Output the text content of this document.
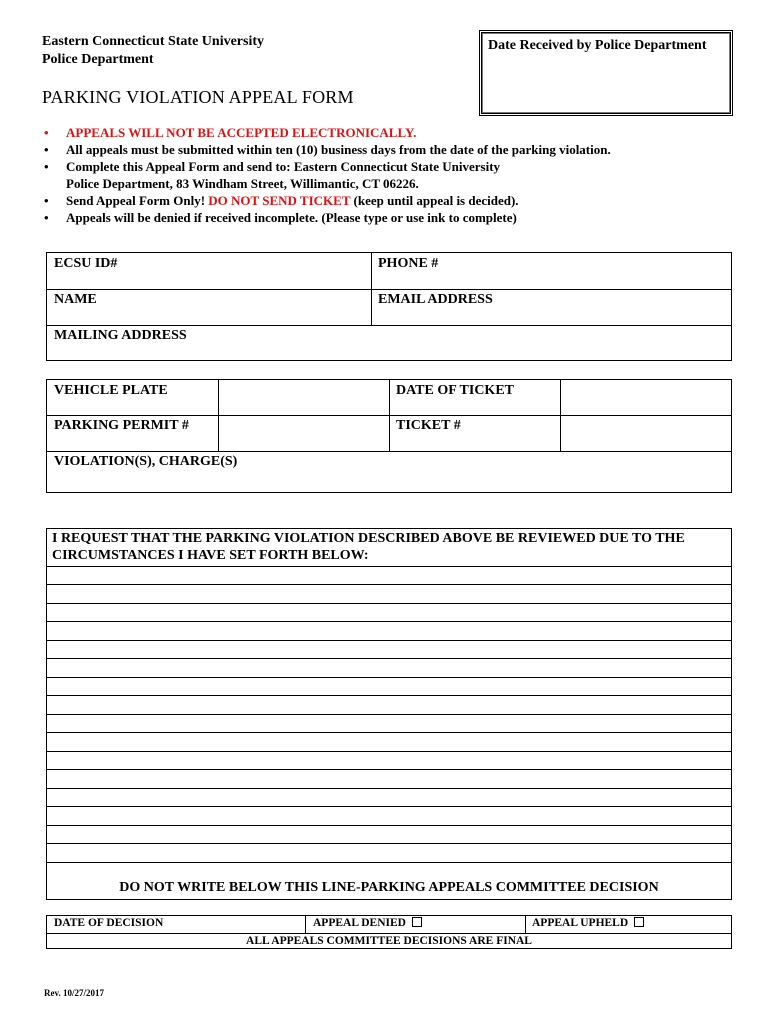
Eastern Connecticut State University
Police Department
Date Received by Police Department
PARKING VIOLATION APPEAL FORM
• APPEALS WILL NOT BE ACCEPTED ELECTRONICALLY.
• All appeals must be submitted within ten (10) business days from the date of the parking violation.
• Complete this Appeal Form and send to: Eastern Connecticut State University
Police Department, 83 Windham Street, Willimantic, CT 06226.
• Send Appeal Form Only! DO NOT SEND TICKET (keep until appeal is decided).
• Appeals will be denied if received incomplete. (Please type or use ink to complete)
ECSU ID#	PHONE #
NAME	EMAIL ADDRESS
MAILING ADDRESS
VEHICLE PLATE	DATE OF TICKET
PARKING PERMIT #	TICKET #
VIOLATION(S), CHARGE(S)
I REQUEST THAT THE PARKING VIOLATION DESCRIBED ABOVE BE REVIEWED DUE TO THE CIRCUMSTANCES I HAVE SET FORTH BELOW:
DO NOT WRITE BELOW THIS LINE-PARKING APPEALS COMMITTEE DECISION
DATE OF DECISION	APPEAL DENIED	APPEAL UPHELD
ALL APPEALS COMMITTEE DECISIONS ARE FINAL
Rev. 10/27/2017
